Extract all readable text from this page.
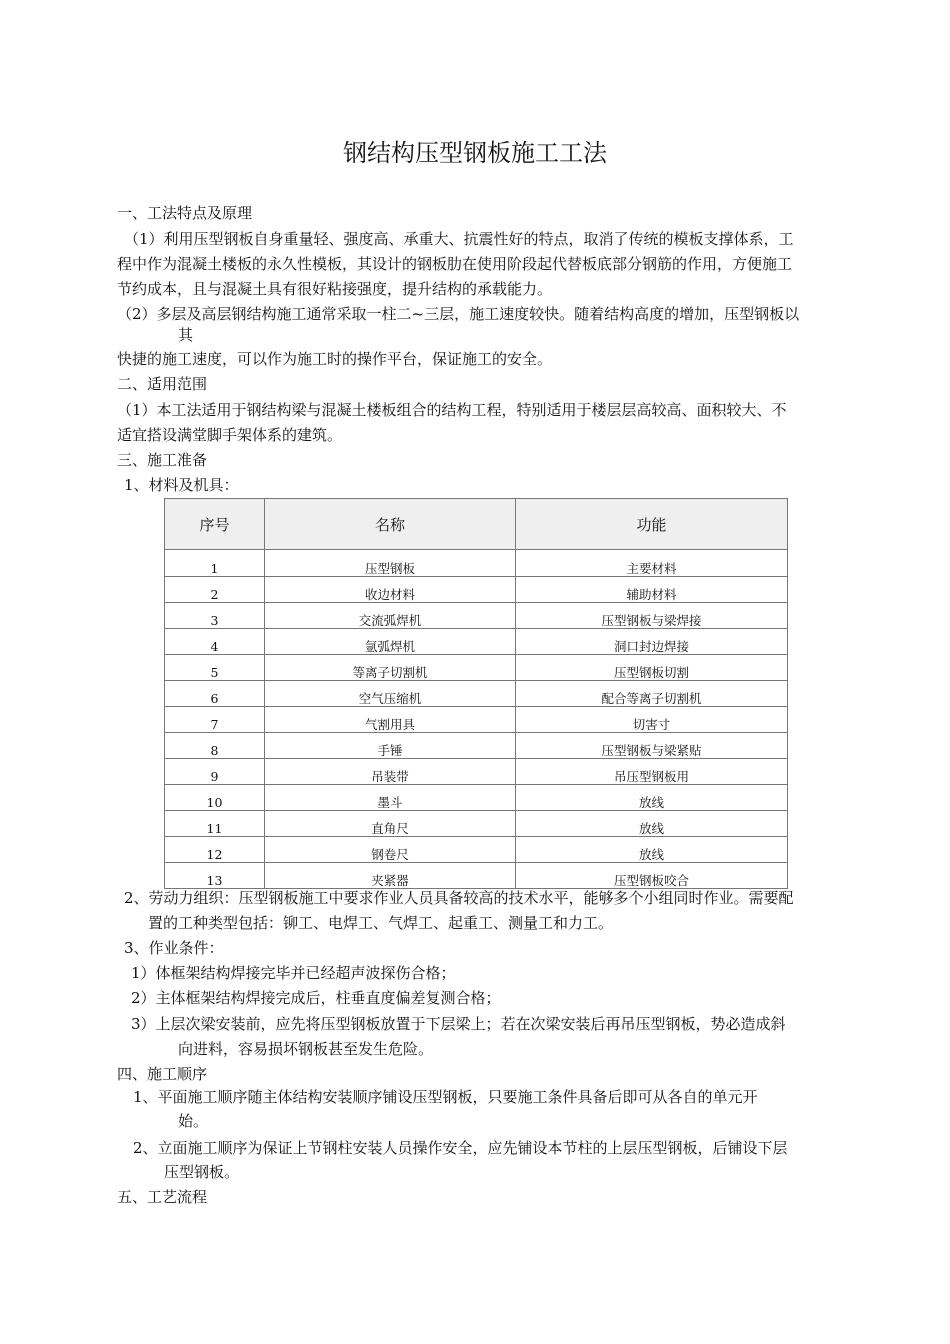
钢结构压型钢板施工工法
一、工法特点及原理
（1）利用压型钢板自身重量轻、强度高、承重大、抗震性好的特点，取消了传统的模板支撑体系，工
程中作为混凝土楼板的永久性模板，其设计的钢板肋在使用阶段起代替板底部分钢筋的作用，方便施工
节约成本，且与混凝土具有很好粘接强度，提升结构的承载能力。
（2）多层及高层钢结构施工通常采取一柱二~三层，施工速度较快。随着结构高度的增加，压型钢板以
其
快捷的施工速度，可以作为施工时的操作平台，保证施工的安全。
二、适用范围
（1）本工法适用于钢结构梁与混凝土楼板组合的结构工程，特别适用于楼层层高较高、面积较大、不
适宜搭设满堂脚手架体系的建筑。
三、施工准备
1、材料及机具：
序号	名称	功能

1	压型钢板	主要材料
2	收边材料	辅助材料
3	交流弧焊机	压型钢板与梁焊接
4	氩弧焊机	洞口封边焊接
5	等离子切割机	压型钢板切割
6	空气压缩机	配合等离子切割机
7	气割用具	切害寸
8	手锤	压型钢板与梁紧贴
9	吊装带	吊压型钢板用
10	墨斗	放线
11	直角尺	放线
12	钢卷尺	放线
13	夹紧器	压型钢板咬合
2、劳动力组织：压型钢板施工中要求作业人员具备较高的技术水平，能够多个小组同时作业。需要配
置的工种类型包括：铆工、电焊工、气焊工、起重工、测量工和力工。
3、作业条件：
1）体框架结构焊接完毕并已经超声波探伤合格；
2）主体框架结构焊接完成后，柱垂直度偏差复测合格；
3）上层次梁安装前，应先将压型钢板放置于下层梁上；若在次梁安装后再吊压型钢板，势必造成斜
向进料，容易损坏钢板甚至发生危险。
四、施工顺序
1、平面施工顺序随主体结构安装顺序铺设压型钢板，只要施工条件具备后即可从各自的单元开
始。
2、立面施工顺序为保证上节钢柱安装人员操作安全，应先铺设本节柱的上层压型钢板，后铺设下层
压型钢板。
五、工艺流程
